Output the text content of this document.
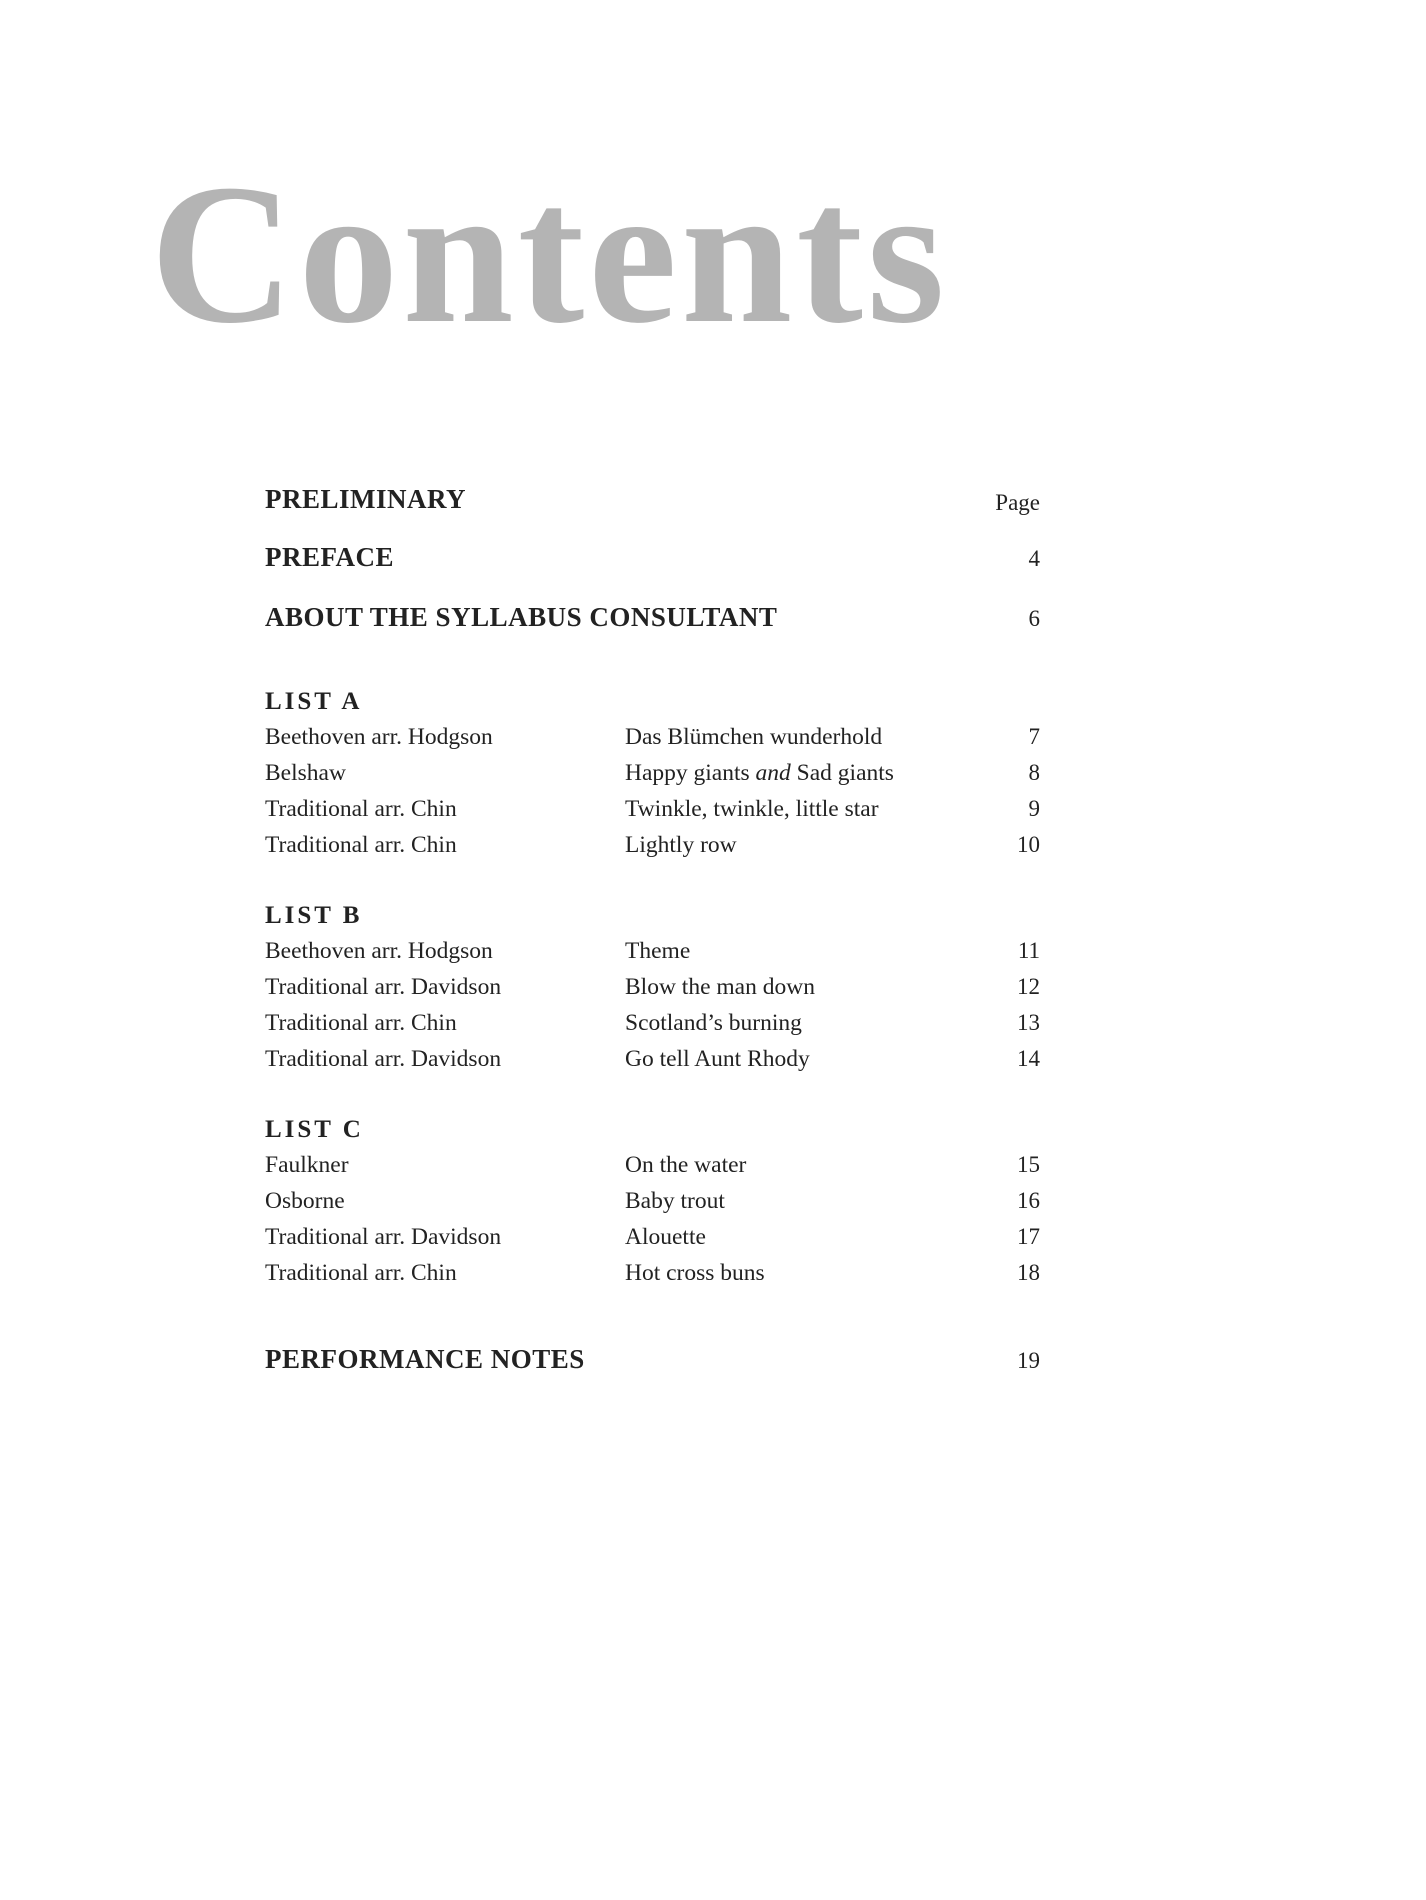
Contents
PRELIMINARY	Page
PREFACE	4
ABOUT THE SYLLABUS CONSULTANT	6
LIST A
Beethoven arr. Hodgson	Das Blümchen wunderhold	7
Belshaw	Happy giants and Sad giants	8
Traditional arr. Chin	Twinkle, twinkle, little star	9
Traditional arr. Chin	Lightly row	10
LIST B
Beethoven arr. Hodgson	Theme	11
Traditional arr. Davidson	Blow the man down	12
Traditional arr. Chin	Scotland’s burning	13
Traditional arr. Davidson	Go tell Aunt Rhody	14
LIST C
Faulkner	On the water	15
Osborne	Baby trout	16
Traditional arr. Davidson	Alouette	17
Traditional arr. Chin	Hot cross buns	18
PERFORMANCE NOTES	19
